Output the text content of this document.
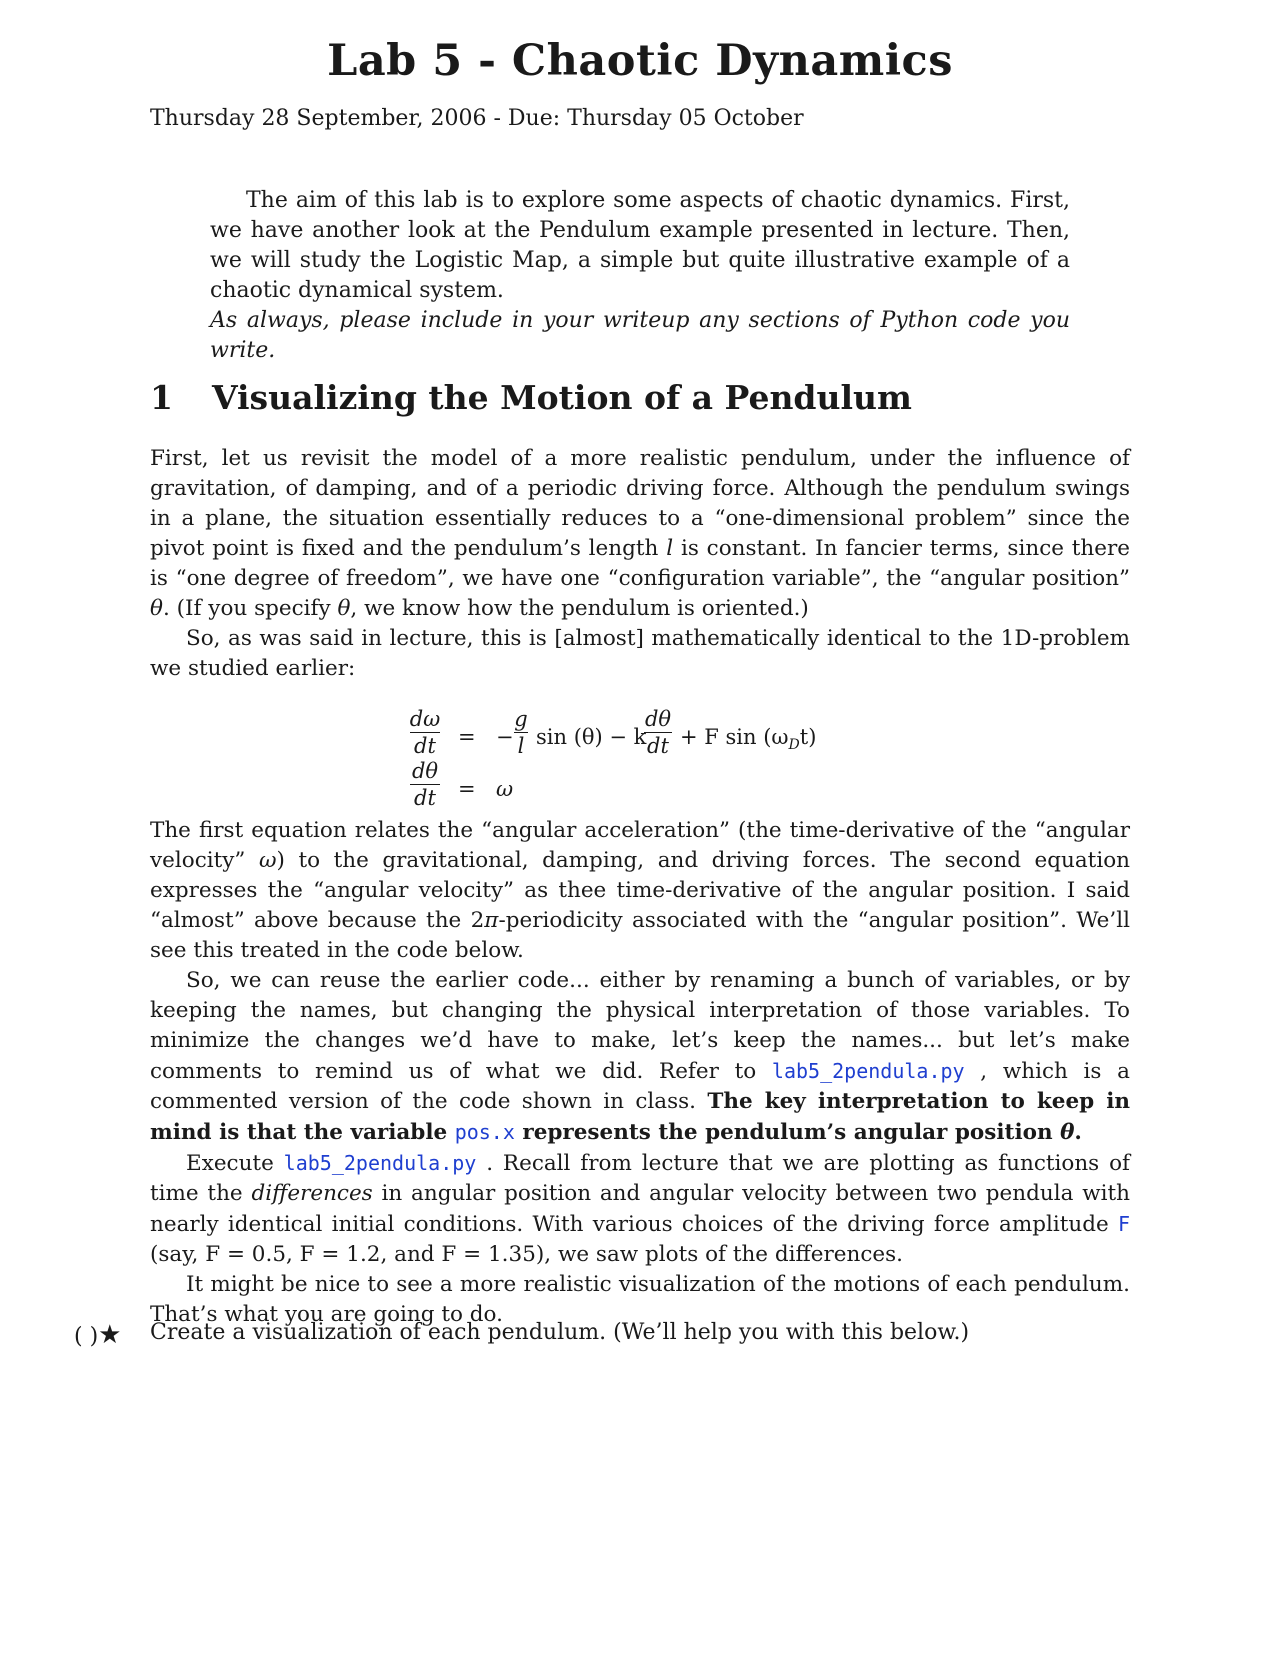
Lab 5 - Chaotic Dynamics

Thursday 28 September, 2006 - Due: Thursday 05 October

The aim of this lab is to explore some aspects of chaotic dynamics. First, we have another look at the Pendulum example presented in lecture. Then, we will study the Logistic Map, a simple but quite illustrative example of a chaotic dynamical system.

As always, please include in your writeup any sections of Python code you write.

1 Visualizing the Motion of a Pendulum

First, let us revisit the model of a more realistic pendulum, under the influence of gravitation, of damping, and of a periodic driving force. Although the pendulum swings in a plane, the situation essentially reduces to a “one-dimensional problem” since the pivot point is fixed and the pendulum’s length l is constant. In fancier terms, since there is “one degree of freedom”, we have one “configuration variable”, the “angular position” θ. (If you specify θ, we know how the pendulum is oriented.)

So, as was said in lecture, this is [almost] mathematically identical to the 1D-problem we studied earlier:

dω
dt = −
g
l sin (θ) − k
dθ
dt + F $\sin (\omega_Dt)$
dθ
dt = ω

The first equation relates the “angular acceleration” (the time-derivative of the “angular velocity” ω) to the gravitational, damping, and driving forces. The second equation expresses the “angular velocity” as thee time-derivative of the angular position. I said “almost” above because the 2π-periodicity associated with the “angular position”. We’ll see this treated in the code below.

So, we can reuse the earlier code... either by renaming a bunch of variables, or by keeping the names, but changing the physical interpretation of those variables. To minimize the changes we’d have to make, let’s keep the names... but let’s make comments to remind us of what we did. Refer to lab5_2pendula.py , which is a commented version of the code shown in class. The key interpretation to keep in mind is that the variable pos.x represents the pendulum’s angular position θ.

Execute lab5_2pendula.py . Recall from lecture that we are plotting as functions of time the differences in angular position and angular velocity between two pendula with nearly identical initial conditions. With various choices of the driving force amplitude F (say, F = 0.5, F = 1.2, and F = 1.35), we saw plots of the differences.

It might be nice to see a more realistic visualization of the motions of each pendulum. That’s what you are going to do.

( )★ Create a visualization of each pendulum. (We’ll help you with this below.)
